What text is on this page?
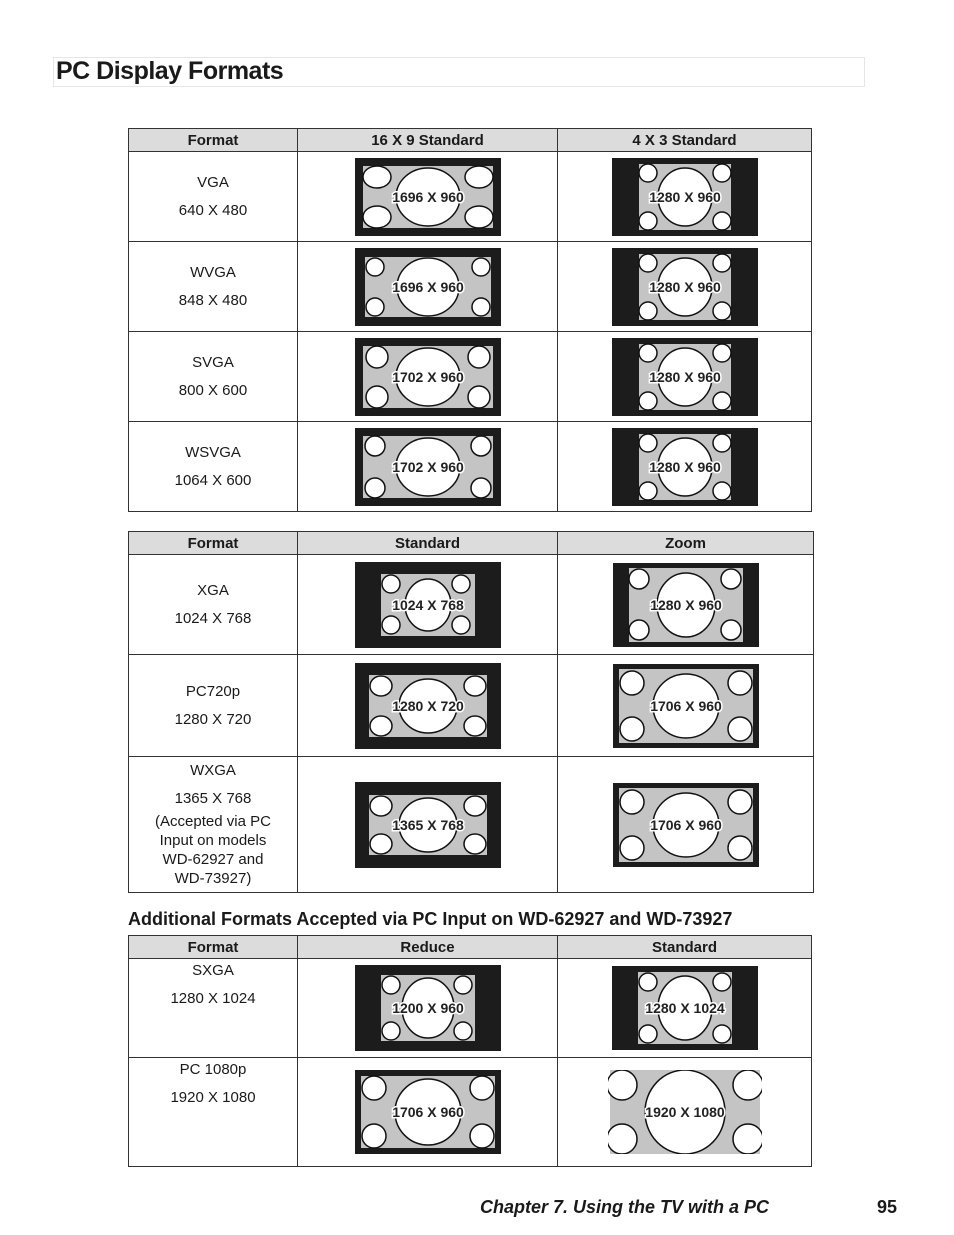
PC Display Formats
Format	16 X 9 Standard	4 X 3 Standard

VGA
640 X 480	1696 X 960	1280 X 960

WVGA
848 X 480	1696 X 960	1280 X 960

SVGA
800 X 600	1702 X 960	1280 X 960

WSVGA
1064 X 600	1702 X 960	1280 X 960
Format	Standard	Zoom

XGA
1024 X 768	1024 X 768	1280 X 960

PC720p
1280 X 720	1280 X 720	1706 X 960

WXGA
1365 X 768
(Accepted via PC Input on models WD-62927 and WD-73927)	1365 X 768	1706 X 960
Additional Formats Accepted via PC Input on WD-62927 and WD-73927
Format	Reduce	Standard

SXGA
1280 X 1024	1200 X 960	1280 X 1024

PC 1080p
1920 X 1080	1706 X 960	1920 X 1080
Chapter 7. Using the TV with a PC	95
